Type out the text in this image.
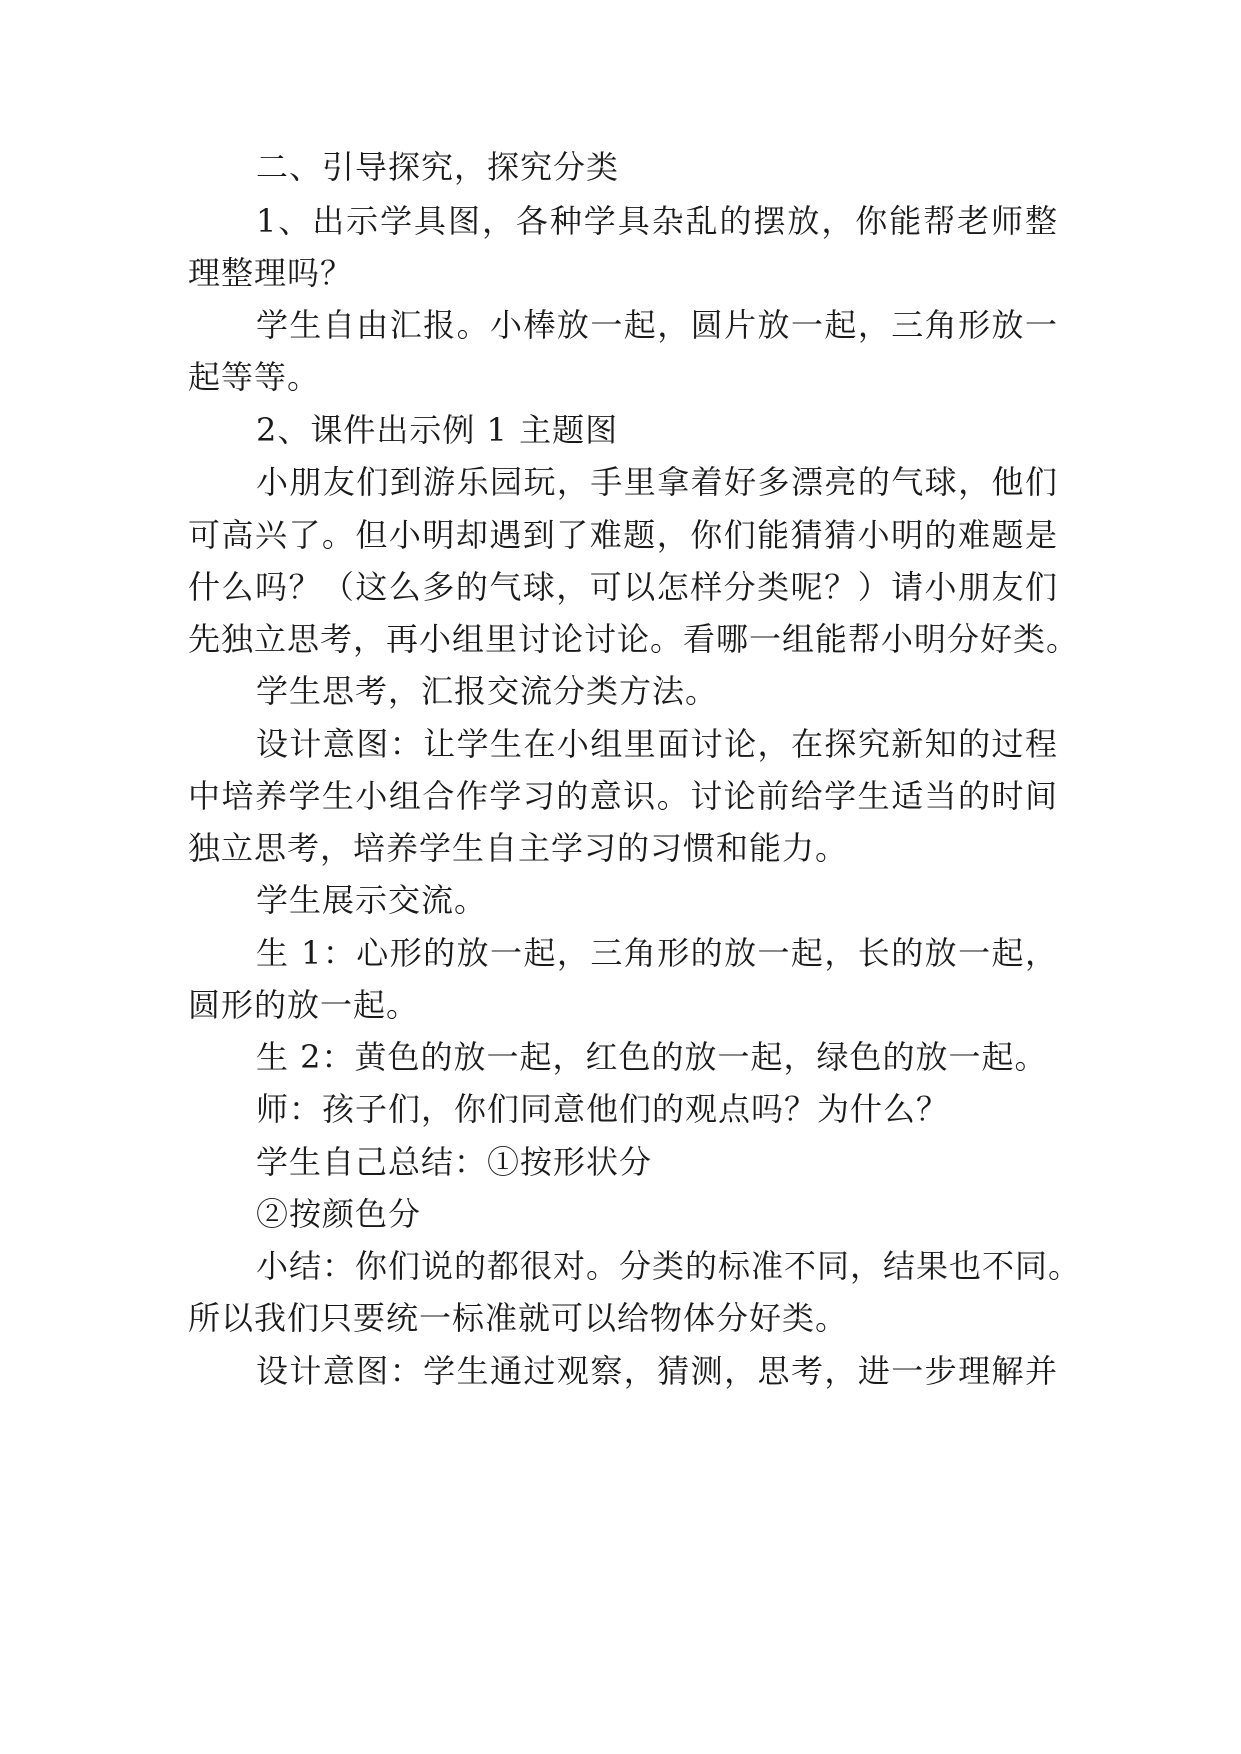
二、引导探究，探究分类
1、出示学具图，各种学具杂乱的摆放，你能帮老师整
理整理吗？
学生自由汇报。小棒放一起，圆片放一起，三角形放一
起等等。
2、课件出示例 1 主题图
小朋友们到游乐园玩，手里拿着好多漂亮的气球，他们
可高兴了。但小明却遇到了难题，你们能猜猜小明的难题是
什么吗？（这么多的气球，可以怎样分类呢？）请小朋友们
先独立思考，再小组里讨论讨论。看哪一组能帮小明分好类。
学生思考，汇报交流分类方法。
设计意图：让学生在小组里面讨论，在探究新知的过程
中培养学生小组合作学习的意识。讨论前给学生适当的时间
独立思考，培养学生自主学习的习惯和能力。
学生展示交流。
生 1：心形的放一起，三角形的放一起，长的放一起，
圆形的放一起。
生 2：黄色的放一起，红色的放一起，绿色的放一起。
师：孩子们，你们同意他们的观点吗？为什么？
学生自己总结：①按形状分
②按颜色分
小结：你们说的都很对。分类的标准不同，结果也不同。
所以我们只要统一标准就可以给物体分好类。
设计意图：学生通过观察，猜测，思考，进一步理解并
